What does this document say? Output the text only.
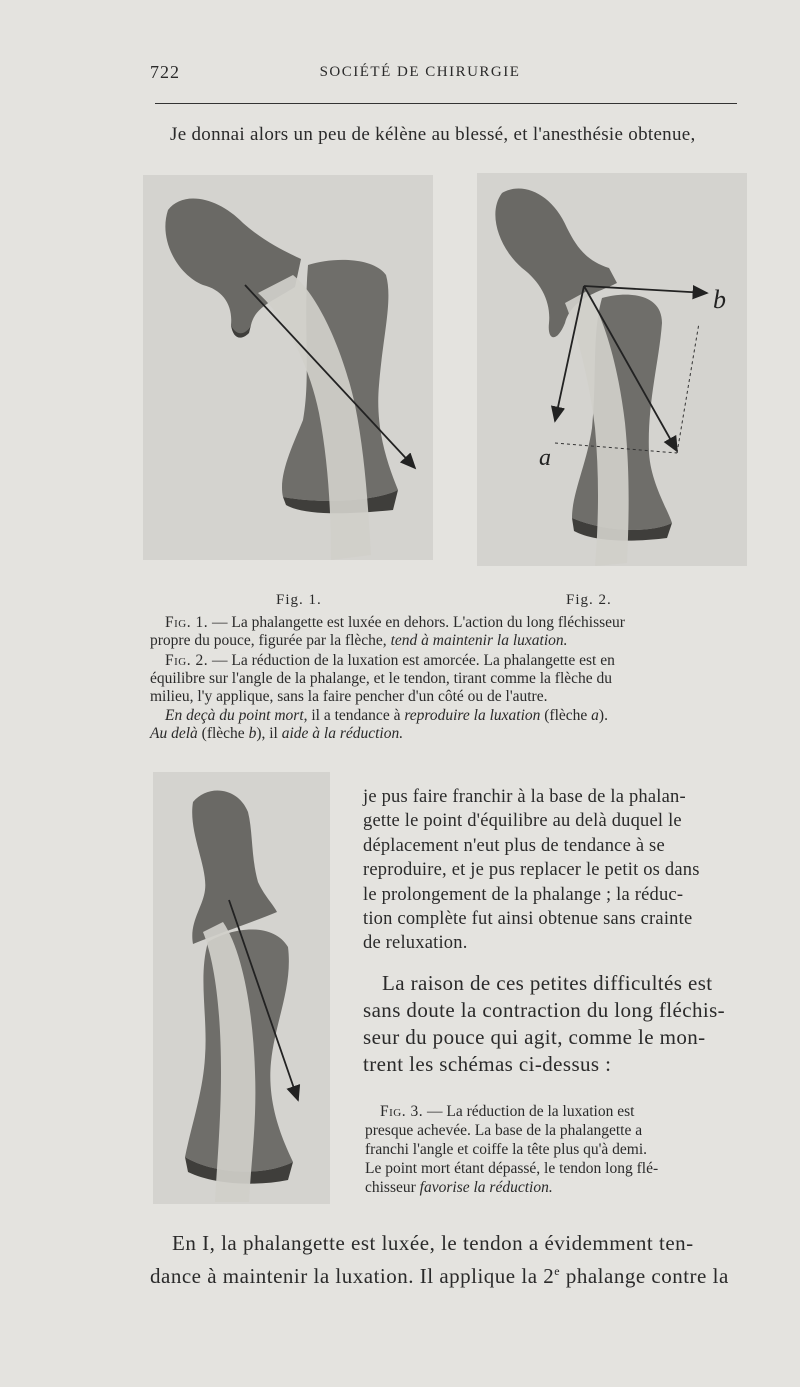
722	SOCIÉTÉ DE CHIRURGIE
Je donnai alors un peu de kélène au blessé, et l'anesthésie obtenue,
b
a
Fig. 1.	Fig. 2.
Fig. 1. — La phalangette est luxée en dehors. L'action du long fléchisseur
propre du pouce, figurée par la flèche, tend à maintenir la luxation.
Fig. 2. — La réduction de la luxation est amorcée. La phalangette est en
équilibre sur l'angle de la phalange, et le tendon, tirant comme la flèche du
milieu, l'y applique, sans la faire pencher d'un côté ou de l'autre.
En deçà du point mort, il a tendance à reproduire la luxation (flèche a).
Au delà (flèche b), il aide à la réduction.
je pus faire franchir à la base de la phalan-
gette le point d'équilibre au delà duquel le
déplacement n'eut plus de tendance à se
reproduire, et je pus replacer le petit os dans
le prolongement de la phalange ; la réduc-
tion complète fut ainsi obtenue sans crainte
de reluxation.
La raison de ces petites difficultés est
sans doute la contraction du long fléchis-
seur du pouce qui agit, comme le mon-
trent les schémas ci-dessus :
Fig. 3. — La réduction de la luxation est
presque achevée. La base de la phalangette a
franchi l'angle et coiffe la tête plus qu'à demi.
Le point mort étant dépassé, le tendon long flé-
chisseur favorise la réduction.
En I, la phalangette est luxée, le tendon a évidemment ten-
dance à maintenir la luxation. Il applique la 2e phalange contre la
